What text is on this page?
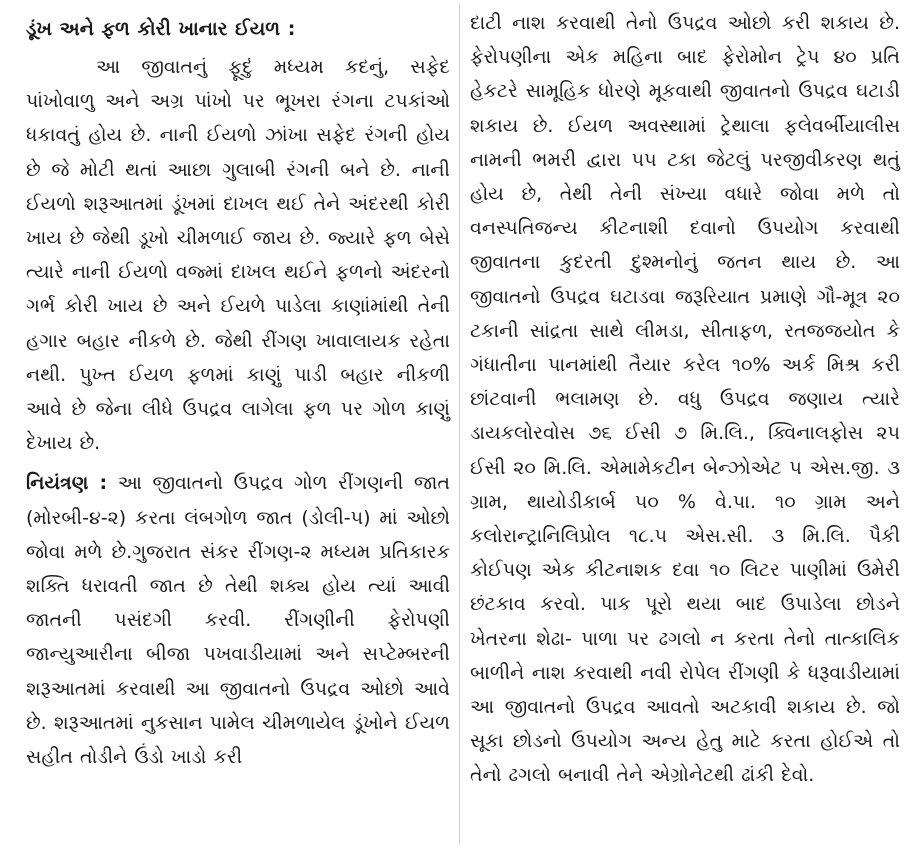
ડૂંખ અને ફળ કોરી ખાનાર ઈયળ :

આ જીવાતનું ફૂદું મધ્યમ કદનું, સફેદ પાંખોવાળુ અને અગ્ર પાંખો પર ભૂખરા રંગના ટપકાંઓ ધકાવતું હોય છે. નાની ઈયળો ઝાંખા સફેદ રંગની હોય છે જે મોટી થતાં આછા ગુલાબી રંગની બને છે. નાની ઈયળો શરૂઆતમાં ડૂંખમાં દાખલ થઈ તેને અંદરથી કોરી ખાય છે જેથી ડૂખો ચીમળાઈ જાય છે. જ્યારે ફળ બેસે ત્યારે નાની ઈયળો વજ્માં દાખલ થઈને ફળનો અંદરનો ગર્ભ કોરી ખાય છે અને ઈયળે પાડેલા કાણાંમાંથી તેની હગાર બહાર નીકળે છે. જેથી રીંગણ ખાવાલાયક રહેતા નથી. પુખ્ત ઈયળ ફળમાં કાણું પાડી બહાર નીકળી આવે છે જેના લીધે ઉપદ્રવ લાગેલા ફળ પર ગોળ કાણું દેખાય છે.

નિયંત્રણ : આ જીવાતનો ઉપદ્રવ ગોળ રીંગણની જાત (મોરબી-૪-૨) કરતા લંબગોળ જાત (ડોલી-૫) માં ઓછો જોવા મળે છે.ગુજરાત સંકર રીંગણ-૨ મધ્યમ પ્રતિકારક શક્તિ ધરાવતી જાત છે તેથી શક્ય હોય ત્યાં આવી જાતની પસંદગી કરવી. રીંગણીની ફેરોપણી જાન્યુઆરીના બીજા પખવાડીયામાં અને સપ્ટેમ્બરની શરૂઆતમાં કરવાથી આ જીવાતનો ઉપદ્રવ ઓછો આવે છે. શરૂઆતમાં નુકસાન પામેલ ચીમળાયેલ ડૂંખોને ઈયળ સહીત તોડીને ઉંડો ખાડો કરી

દાટી નાશ કરવાથી તેનો ઉપદ્રવ ઓછો કરી શકાય છે. ફેરોપણીના એક મહિના બાદ ફેરોમોન ટ્રેપ ૪૦ પ્રતિ હેકટરે સામૂહિક ધોરણે મૂકવાથી જીવાતનો ઉપદ્રવ ઘટાડી શકાય છે. ઈયળ અવસ્થામાં ટ્રેથાલા ફલેવર્બીયાલીસ નામની ભમરી દ્વારા ૫૫ ટકા જેટલું પરજીવીકરણ થતું હોય છે, તેથી તેની સંખ્યા વધારે જોવા મળે તો વનસ્પતિજન્ય કીટનાશી દવાનો ઉપયોગ કરવાથી જીવાતના કુદરતી દુશ્મનોનું જતન થાય છે. આ જીવાતનો ઉપદ્રવ ઘટાડવા જરૂરિયાત પ્રમાણે ગૌ-મૂત્ર ૨૦ ટકાની સાંદ્રતા સાથે લીમડા, સીતાફળ, રતજજયોત કે ગંધાતીના પાનમાંથી તૈયાર કરેલ ૧૦% અર્ક મિશ્ર કરી છાંટવાની ભલામણ છે. વધુ ઉપદ્રવ જણાય ત્યારે ડાયકલોરવોસ ૭૬ ઈસી ૭ મિ.લિ., ક્વિનાલફોસ ૨૫ ઈસી ૨૦ મિ.લિ. એમામેકટીન બેન્ઝોએટ ૫ એસ.જી. ૩ ગ્રામ, થાયોડીકાર્બ ૫૦ % વે.પા. ૧૦ ગ્રામ અને કલોરાન્ટ્રાનિલિપ્રોલ ૧૮.૫ એસ.સી. ૩ મિ.લિ. પૈકી કોઈપણ એક કીટનાશક દવા ૧૦ લિટર પાણીમાં ઉમેરી છંટકાવ કરવો. પાક પૂરો થયા બાદ ઉપાડેલા છોડને ખેતરના શેઢા- પાળા પર ઢગલો ન કરતા તેનો તાત્કાલિક બાળીને નાશ કરવાથી નવી રોપેલ રીંગણી કે ધરૂવાડીયામાં આ જીવાતનો ઉપદ્રવ આવતો અટકાવી શકાય છે. જો સૂકા છોડનો ઉપયોગ અન્ય હેતુ માટે કરતા હોઈએ તો તેનો ઢગલો બનાવી તેને એગ્રોનેટથી ઢાંકી દેવો.
